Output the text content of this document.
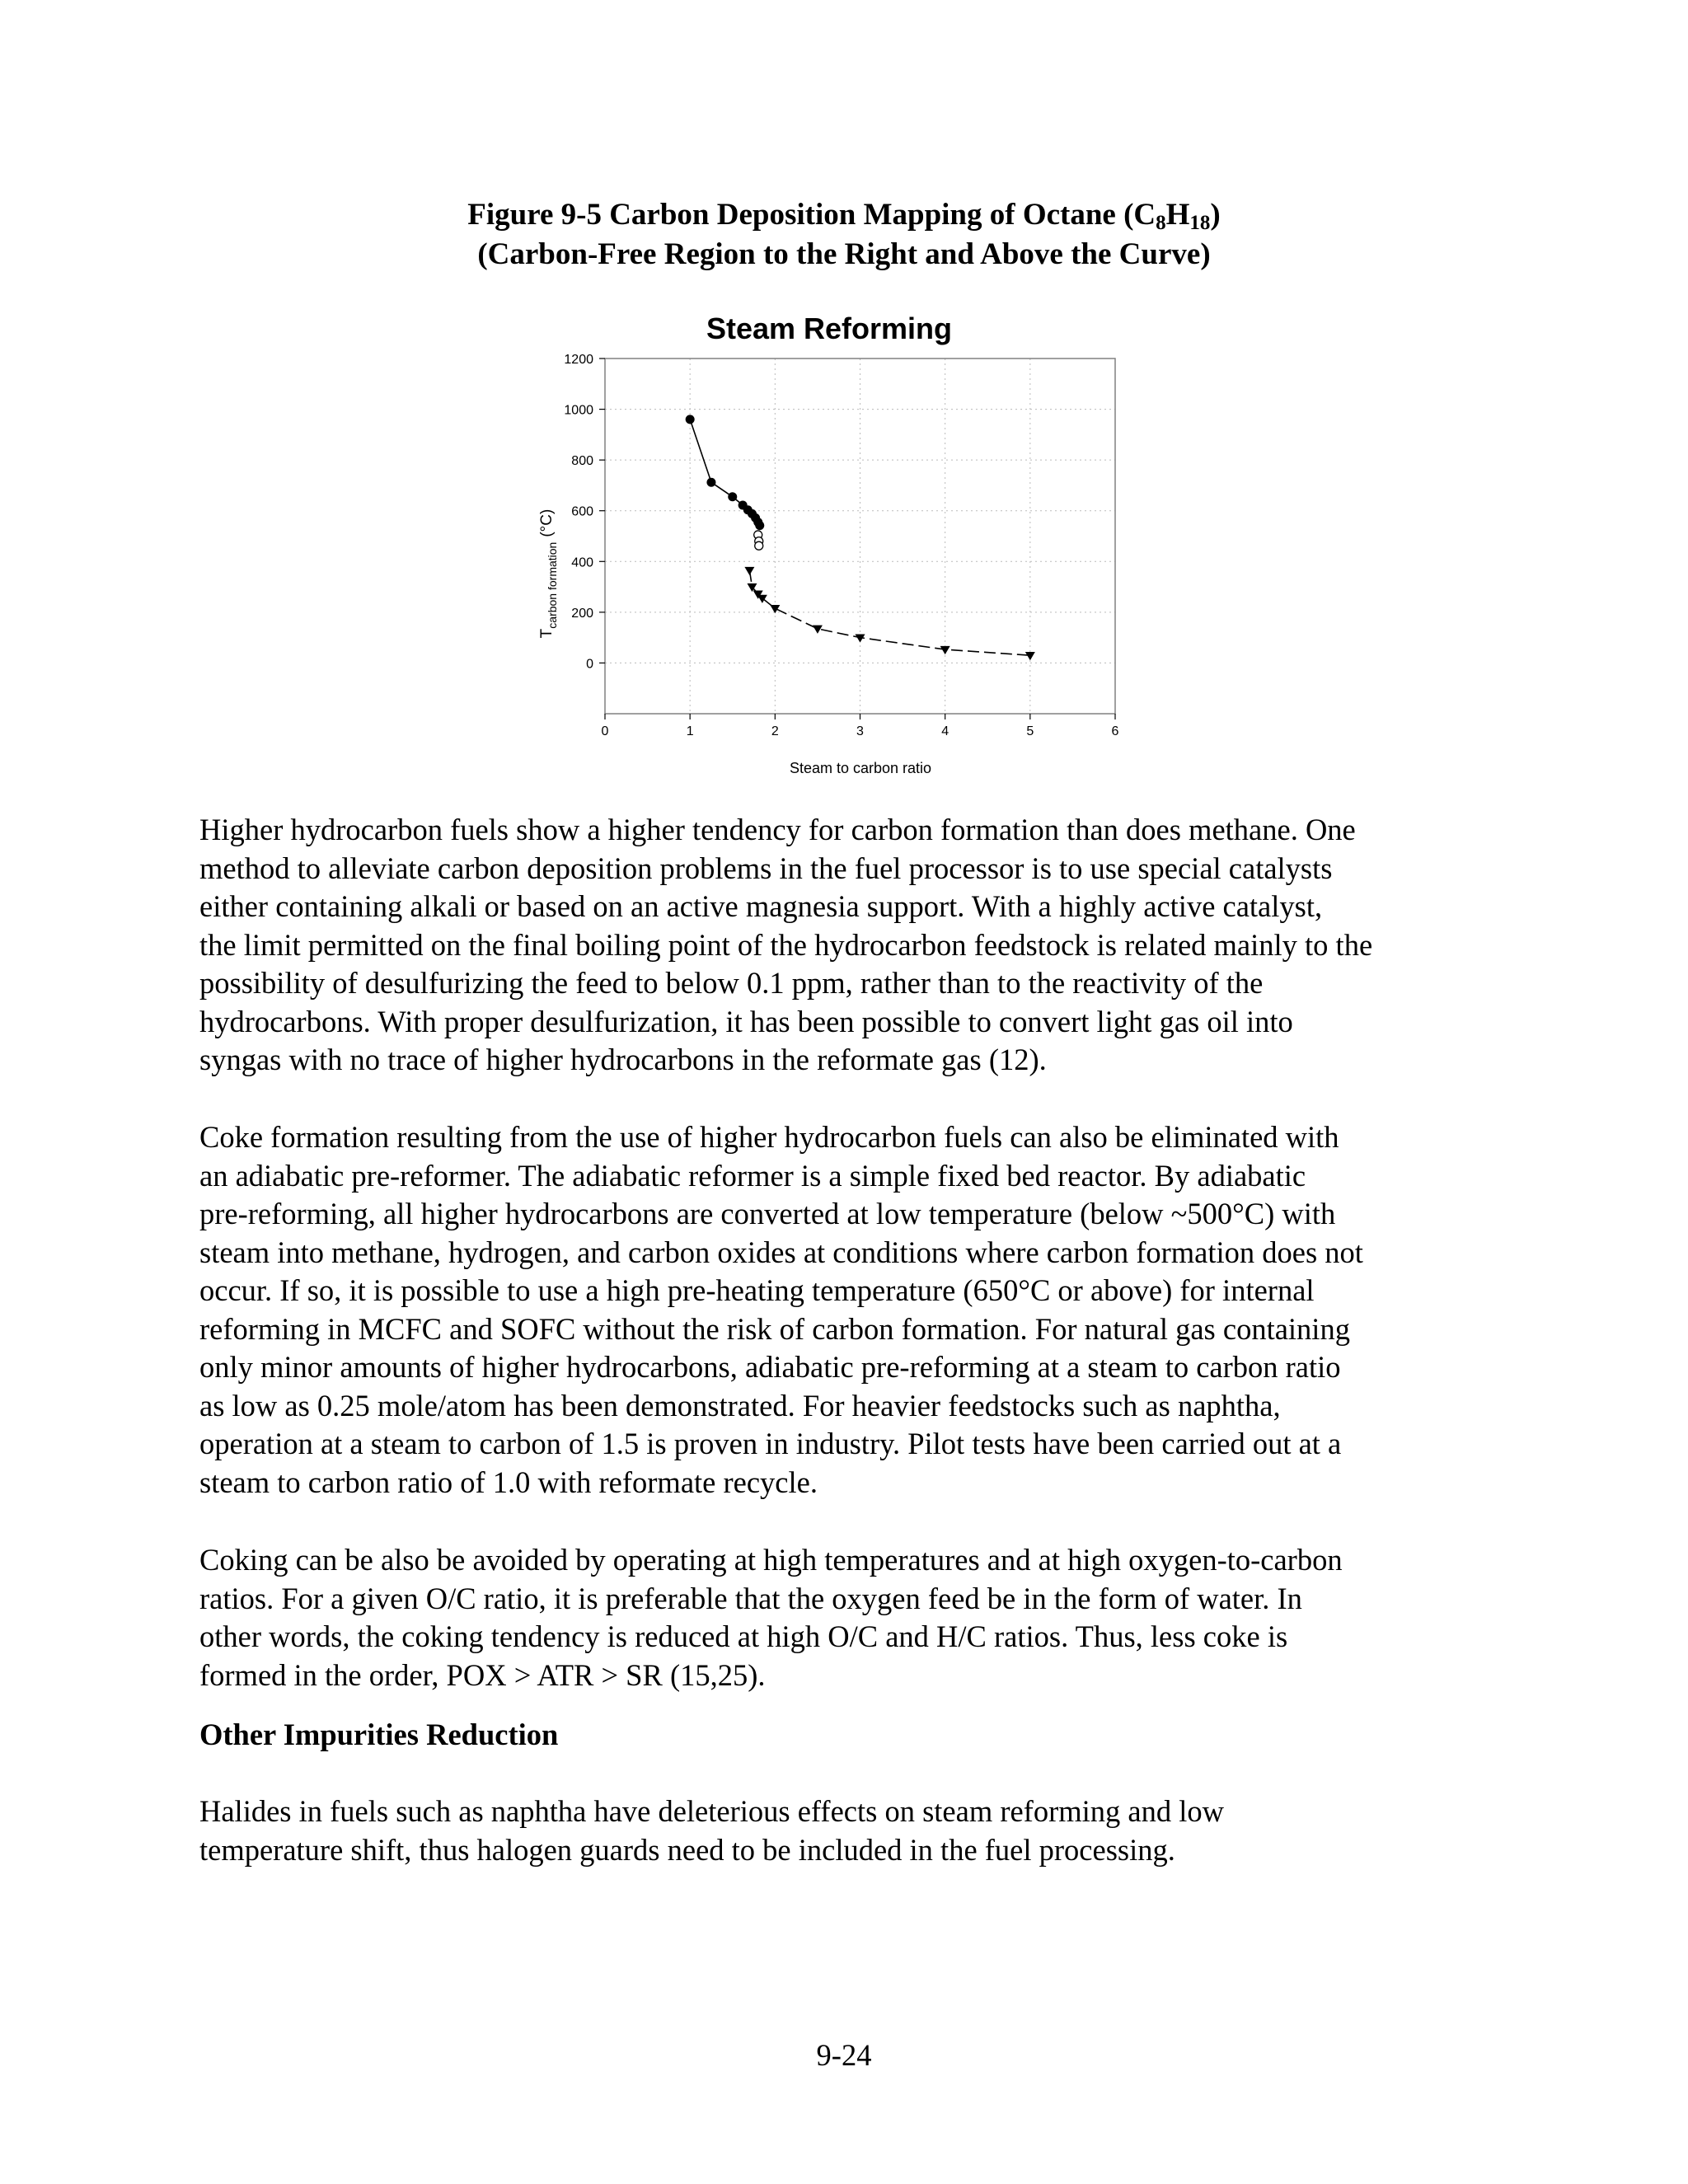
Figure 9-5 Carbon Deposition Mapping of Octane $(C_8H_{18})$
(Carbon-Free Region to the Right and Above the Curve)
Steam Reforming
0	1	2	3	4	5	6
0
200
400
600
800
1000
1200
Steam to carbon ratio
$T_{carbon formation}(^\circ C)$

Higher hydrocarbon fuels show a higher tendency for carbon formation than does methane. One
method to alleviate carbon deposition problems in the fuel processor is to use special catalysts
either containing alkali or based on an active magnesia support. With a highly active catalyst,
the limit permitted on the final boiling point of the hydrocarbon feedstock is related mainly to the
possibility of desulfurizing the feed to below 0.1 ppm, rather than to the reactivity of the
hydrocarbons. With proper desulfurization, it has been possible to convert light gas oil into
syngas with no trace of higher hydrocarbons in the reformate gas (12).

Coke formation resulting from the use of higher hydrocarbon fuels can also be eliminated with
an adiabatic pre-reformer. The adiabatic reformer is a simple fixed bed reactor. By adiabatic
pre-reforming, all higher hydrocarbons are converted at low temperature (below ~500°C) with
steam into methane, hydrogen, and carbon oxides at conditions where carbon formation does not
occur. If so, it is possible to use a high pre-heating temperature (650°C or above) for internal
reforming in MCFC and SOFC without the risk of carbon formation. For natural gas containing
only minor amounts of higher hydrocarbons, adiabatic pre-reforming at a steam to carbon ratio
as low as 0.25 mole/atom has been demonstrated. For heavier feedstocks such as naphtha,
operation at a steam to carbon of 1.5 is proven in industry. Pilot tests have been carried out at a
steam to carbon ratio of 1.0 with reformate recycle.

Coking can be also be avoided by operating at high temperatures and at high oxygen-to-carbon
ratios. For a given O/C ratio, it is preferable that the oxygen feed be in the form of water. In
other words, the coking tendency is reduced at high O/C and H/C ratios. Thus, less coke is
formed in the order, POX > ATR > SR (15,25).

Other Impurities Reduction

Halides in fuels such as naphtha have deleterious effects on steam reforming and low
temperature shift, thus halogen guards need to be included in the fuel processing.

9-24
